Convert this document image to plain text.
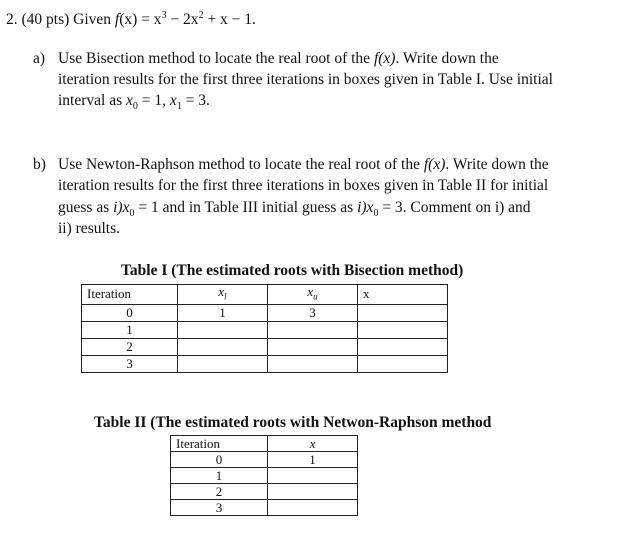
2. (40 pts) Given $f(x) = x^3 - 2x^2 + x - 1$.
a) Use Bisection method to locate the real root of the f(x). Write down the
iteration results for the first three iterations in boxes given in Table I. Use initial
interval as $x_0 = 1$, $x_1 = 3$.
b) Use Newton-Raphson method to locate the real root of the f(x). Write down the
iteration results for the first three iterations in boxes given in Table II for initial
guess as $i)x_0 = 1$ and in Table III initial guess as $i)x_0 = 3$. Comment on i) and
ii) results.
Table I (The estimated roots with Bisection method)
Iteration	$x_l$	$x_u$	x
0	1	3	
1			
2			
3			
Table II (The estimated roots with Netwon-Raphson method
Iteration	x
0	1
1	
2	
3	
